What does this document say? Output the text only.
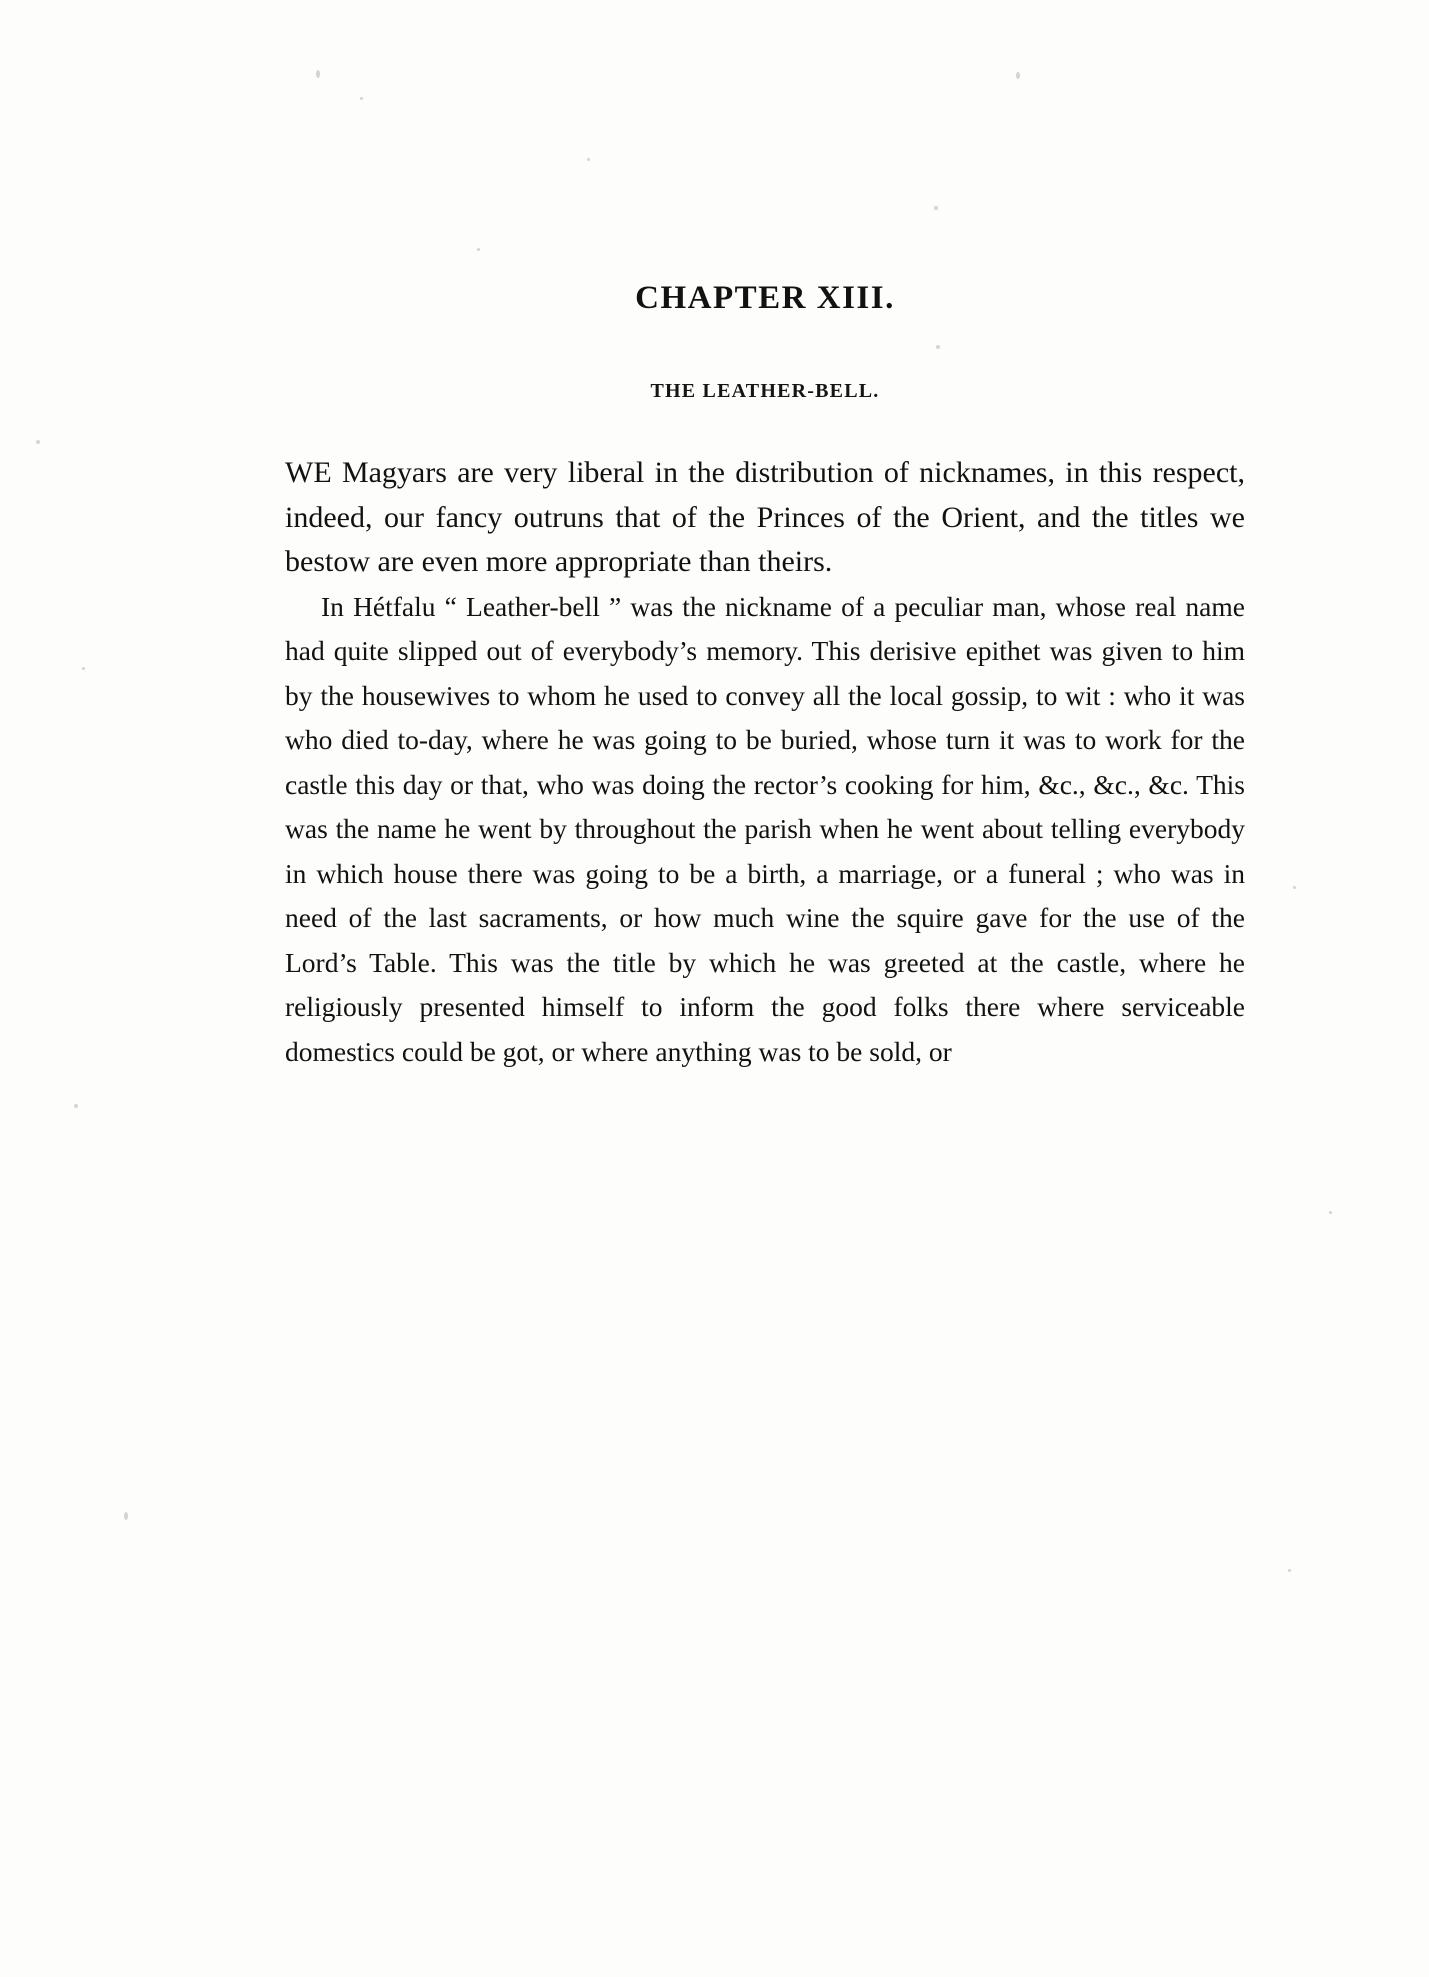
CHAPTER XIII.
THE LEATHER-BELL.

WE Magyars are very liberal in the distribution of nicknames, in this respect, indeed, our fancy outruns that of the Princes of the Orient, and the titles we bestow are even more appropriate than theirs.

In Hétfalu “ Leather-bell ” was the nickname of a peculiar man, whose real name had quite slipped out of everybody’s memory. This derisive epithet was given to him by the housewives to whom he used to convey all the local gossip, to wit : who it was who died to-day, where he was going to be buried, whose turn it was to work for the castle this day or that, who was doing the rector’s cooking for him, &c., &c., &c. This was the name he went by throughout the parish when he went about telling everybody in which house there was going to be a birth, a marriage, or a funeral ; who was in need of the last sacraments, or how much wine the squire gave for the use of the Lord’s Table. This was the title by which he was greeted at the castle, where he religiously presented himself to inform the good folks there where serviceable domestics could be got, or where anything was to be sold, or
